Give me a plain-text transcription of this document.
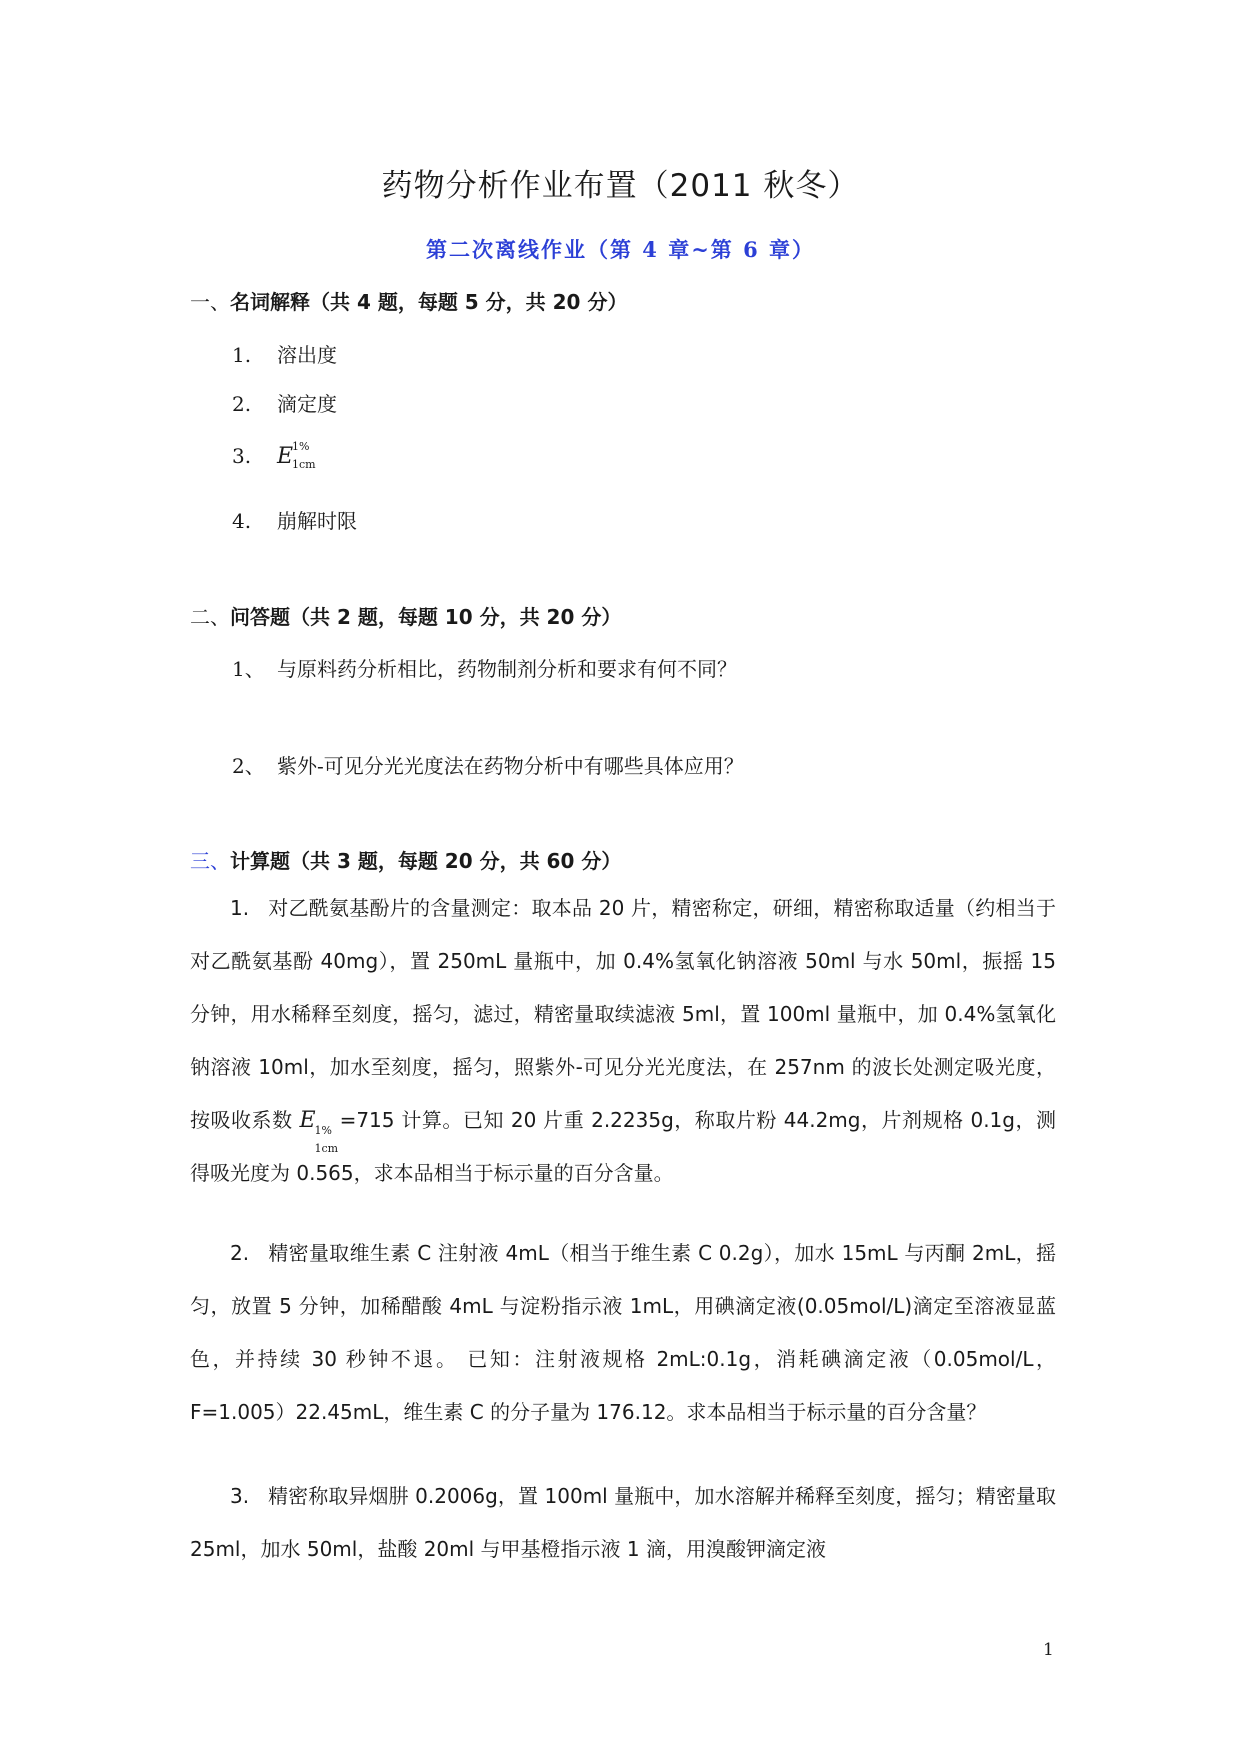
药物分析作业布置（2011 秋冬）
第二次离线作业（第 4 章~第 6 章）
一、名词解释（共 4 题，每题 5 分，共 20 分）
1. 溶出度
2. 滴定度
3. E
1%
1cm
4. 崩解时限
二、问答题（共 2 题，每题 10 分，共 20 分）
1、 与原料药分析相比，药物制剂分析和要求有何不同？
2、 紫外-可见分光光度法在药物分析中有哪些具体应用？
三、计算题（共 3 题，每题 20 分，共 60 分）
1. 对乙酰氨基酚片的含量测定：取本品 20 片，精密称定，研细，精密称取适量（约相当于对乙酰氨基酚 40mg），置 250mL 量瓶中，加 0.4%氢氧化钠溶液 50ml 与水 50ml，振摇 15 分钟，用水稀释至刻度，摇匀，滤过，精密量取续滤液 5ml，置 100ml 量瓶中，加 0.4%氢氧化钠溶液 10ml，加水至刻度，摇匀，照紫外-可见分光光度法，在 257nm 的波长处测定吸光度，按吸收系数 E
1%
1cm
=715 计算。已知 20 片重 2.2235g，称取片粉 44.2mg，片剂规格 0.1g，测得吸光度为 0.565，求本品相当于标示量的百分含量。
2. 精密量取维生素 C 注射液 4mL（相当于维生素 C 0.2g），加水 15mL 与丙酮 2mL，摇匀，放置 5 分钟，加稀醋酸 4mL 与淀粉指示液 1mL，用碘滴定液(0.05mol/L)滴定至溶液显蓝色，并持续 30 秒钟不退。 已知：注射液规格 2mL:0.1g，消耗碘滴定液（0.05mol/L，F=1.005）22.45mL，维生素 C 的分子量为 176.12。求本品相当于标示量的百分含量？
3. 精密称取异烟肼 0.2006g，置 100ml 量瓶中，加水溶解并稀释至刻度，摇匀；精密量取 25ml，加水 50ml，盐酸 20ml 与甲基橙指示液 1 滴，用溴酸钾滴定液
1
